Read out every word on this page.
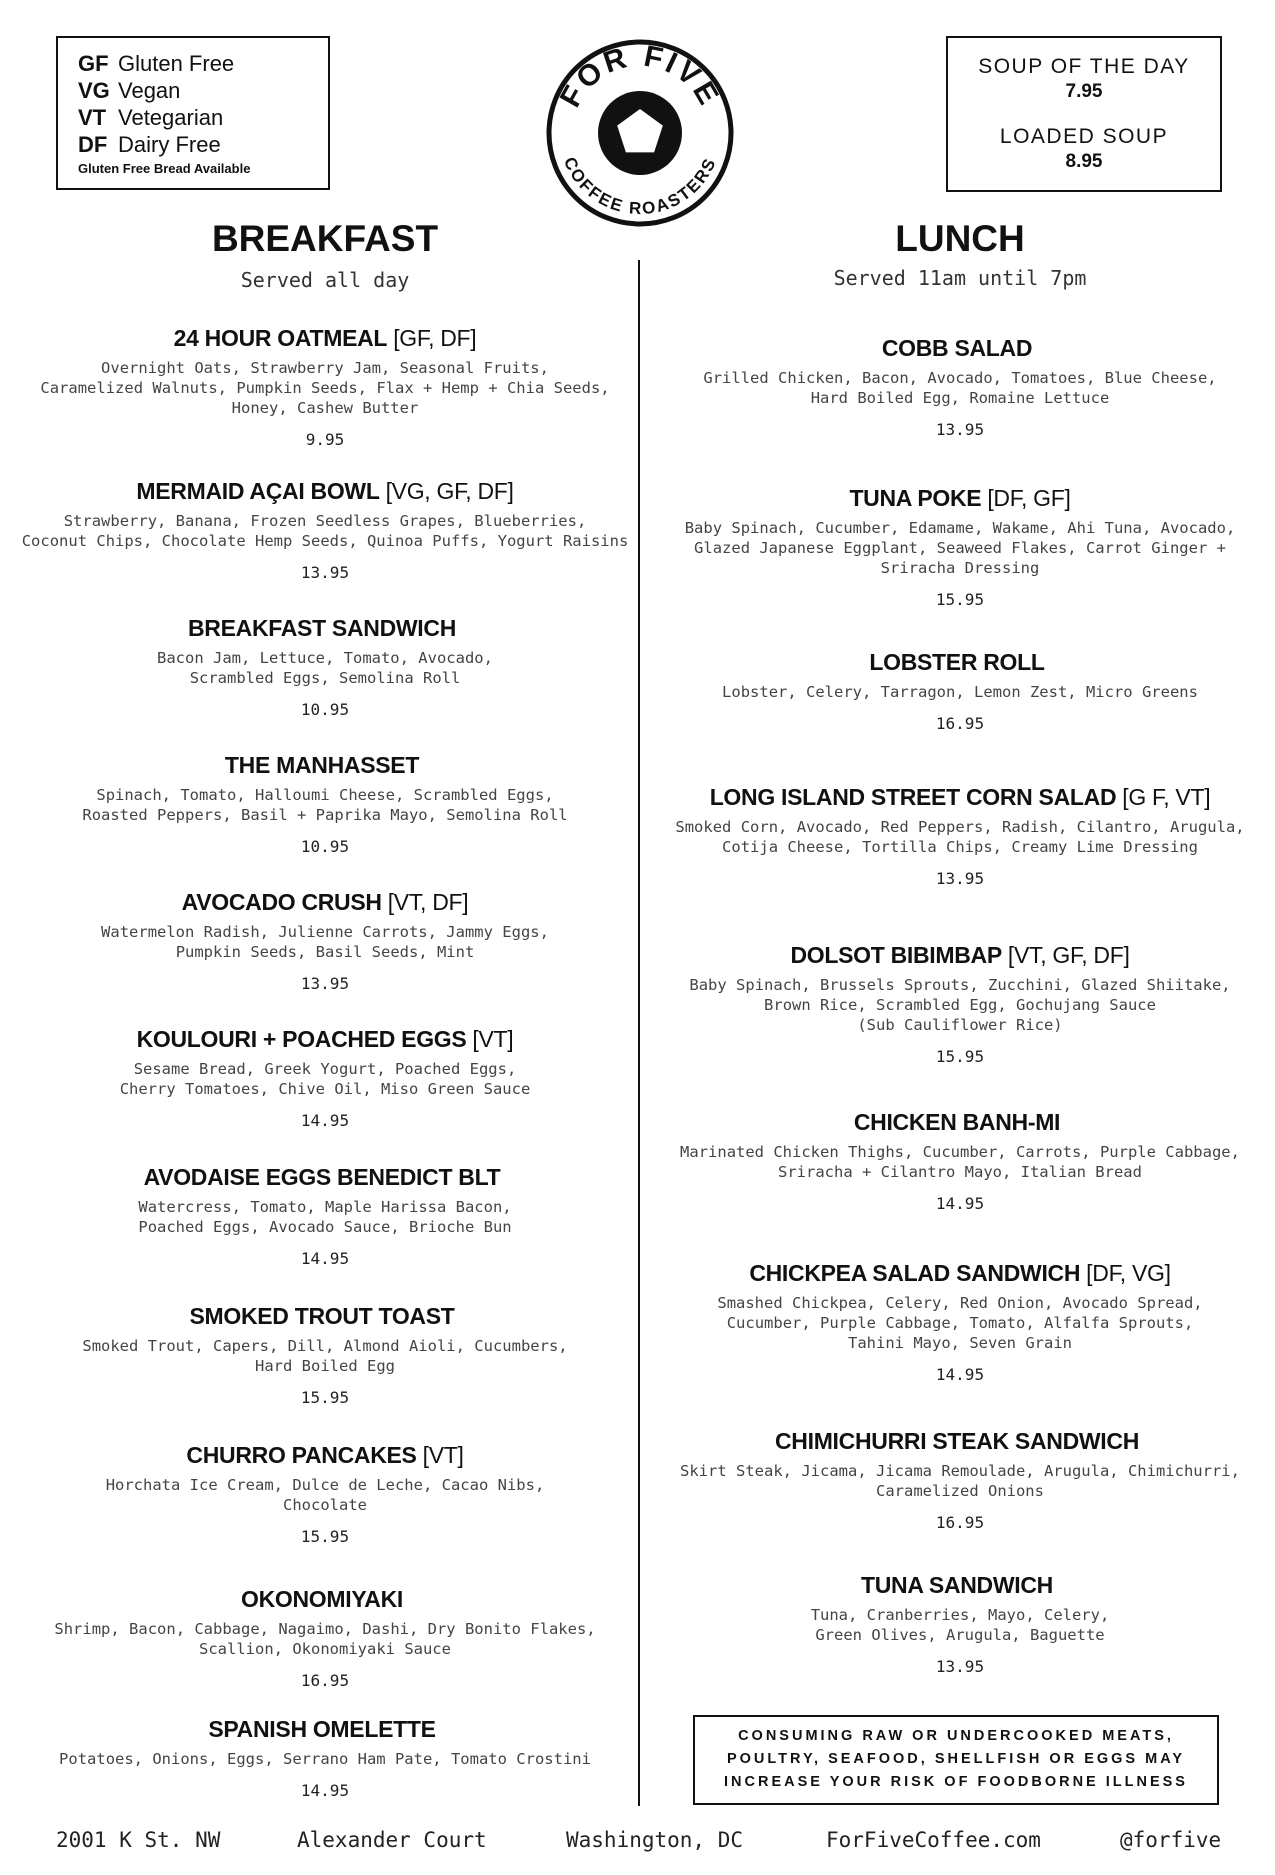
GF Gluten Free
VG Vegan
VT Vetegarian
DF Dairy Free
Gluten Free Bread Available
FOR FIVE
COFFEE ROASTERS
SOUP OF THE DAY
7.95
LOADED SOUP
8.95
BREAKFAST
Served all day
LUNCH
Served 11am until 7pm
24 HOUR OATMEAL [GF, DF]
Overnight Oats, Strawberry Jam, Seasonal Fruits,
Caramelized Walnuts, Pumpkin Seeds, Flax + Hemp + Chia Seeds,
Honey, Cashew Butter
9.95
MERMAID AÇAI BOWL [VG, GF, DF]
Strawberry, Banana, Frozen Seedless Grapes, Blueberries,
Coconut Chips, Chocolate Hemp Seeds, Quinoa Puffs, Yogurt Raisins
13.95
BREAKFAST SANDWICH
Bacon Jam, Lettuce, Tomato, Avocado,
Scrambled Eggs, Semolina Roll
10.95
THE MANHASSET
Spinach, Tomato, Halloumi Cheese, Scrambled Eggs,
Roasted Peppers, Basil + Paprika Mayo, Semolina Roll
10.95
AVOCADO CRUSH [VT, DF]
Watermelon Radish, Julienne Carrots, Jammy Eggs,
Pumpkin Seeds, Basil Seeds, Mint
13.95
KOULOURI + POACHED EGGS [VT]
Sesame Bread, Greek Yogurt, Poached Eggs,
Cherry Tomatoes, Chive Oil, Miso Green Sauce
14.95
AVODAISE EGGS BENEDICT BLT
Watercress, Tomato, Maple Harissa Bacon,
Poached Eggs, Avocado Sauce, Brioche Bun
14.95
SMOKED TROUT TOAST
Smoked Trout, Capers, Dill, Almond Aioli, Cucumbers,
Hard Boiled Egg
15.95
CHURRO PANCAKES [VT]
Horchata Ice Cream, Dulce de Leche, Cacao Nibs,
Chocolate
15.95
OKONOMIYAKI
Shrimp, Bacon, Cabbage, Nagaimo, Dashi, Dry Bonito Flakes,
Scallion, Okonomiyaki Sauce
16.95
SPANISH OMELETTE
Potatoes, Onions, Eggs, Serrano Ham Pate, Tomato Crostini
14.95
COBB SALAD
Grilled Chicken, Bacon, Avocado, Tomatoes, Blue Cheese,
Hard Boiled Egg, Romaine Lettuce
13.95
TUNA POKE [DF, GF]
Baby Spinach, Cucumber, Edamame, Wakame, Ahi Tuna, Avocado,
Glazed Japanese Eggplant, Seaweed Flakes, Carrot Ginger +
Sriracha Dressing
15.95
LOBSTER ROLL
Lobster, Celery, Tarragon, Lemon Zest, Micro Greens
16.95
LONG ISLAND STREET CORN SALAD [G F, VT]
Smoked Corn, Avocado, Red Peppers, Radish, Cilantro, Arugula,
Cotija Cheese, Tortilla Chips, Creamy Lime Dressing
13.95
DOLSOT BIBIMBAP [VT, GF, DF]
Baby Spinach, Brussels Sprouts, Zucchini, Glazed Shiitake,
Brown Rice, Scrambled Egg, Gochujang Sauce
(Sub Cauliflower Rice)
15.95
CHICKEN BANH-MI
Marinated Chicken Thighs, Cucumber, Carrots, Purple Cabbage,
Sriracha + Cilantro Mayo, Italian Bread
14.95
CHICKPEA SALAD SANDWICH [DF, VG]
Smashed Chickpea, Celery, Red Onion, Avocado Spread,
Cucumber, Purple Cabbage, Tomato, Alfalfa Sprouts,
Tahini Mayo, Seven Grain
14.95
CHIMICHURRI STEAK SANDWICH
Skirt Steak, Jicama, Jicama Remoulade, Arugula, Chimichurri,
Caramelized Onions
16.95
TUNA SANDWICH
Tuna, Cranberries, Mayo, Celery,
Green Olives, Arugula, Baguette
13.95
CONSUMING RAW OR UNDERCOOKED MEATS,
POULTRY, SEAFOOD, SHELLFISH OR EGGS MAY
INCREASE YOUR RISK OF FOODBORNE ILLNESS
2001 K St. NW	Alexander Court	Washington, DC	ForFiveCoffee.com	@forfive
